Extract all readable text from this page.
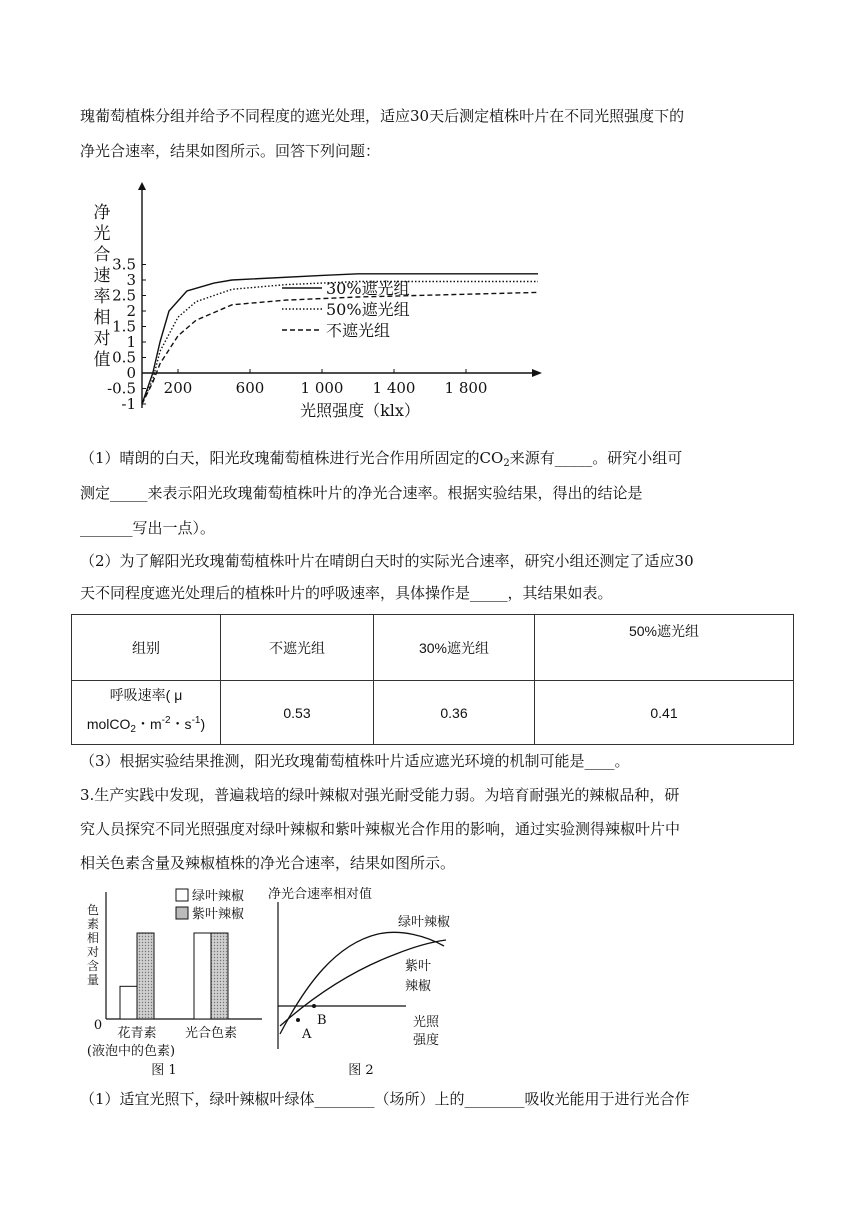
瑰葡萄植株分组并给予不同程度的遮光处理，适应30天后测定植株叶片在不同光照强度下的
净光合速率，结果如图所示。回答下列问题：
净
光
合
速
率
相
对
值
3.5
3
2.5
2
1.5
1
0.5
0
-0.5
-1
200	600 1 000 1 400 1 800
30%遮光组
50%遮光组
不遮光组
光照强度（klx）
（1）晴朗的白天，阳光玫瑰葡萄植株进行光合作用所固定的$CO_2$来源有_____。研究小组可
测定_____来表示阳光玫瑰葡萄植株叶片的净光合速率。根据实验结果，得出的结论是
_______写出一点）。
（2）为了解阳光玫瑰葡萄植株叶片在晴朗白天时的实际光合速率，研究小组还测定了适应30
天不同程度遮光处理后的植株叶片的呼吸速率，具体操作是_____，其结果如表。
组别	不遮光组	30%遮光组	50%遮光组

呼吸速率( μ
molCO$_2$・$m^{-2}$・$s^{-1}$)	0.53	0.36	0.41
（3）根据实验结果推测，阳光玫瑰葡萄植株叶片适应遮光环境的机制可能是____。
3.生产实践中发现，普遍栽培的绿叶辣椒对强光耐受能力弱。为培育耐强光的辣椒品种，研
究人员探究不同光照强度对绿叶辣椒和紫叶辣椒光合作用的影响，通过实验测得辣椒叶片中
相关色素含量及辣椒植株的净光合速率，结果如图所示。
色
素
相
对
含
量
0
绿叶辣椒
紫叶辣椒
花青素
(液泡中的色素)
光合色素
图 1
净光合速率相对值
光照
强度
绿叶辣椒
紫叶
辣椒
A
B
图 2
（1）适宜光照下，绿叶辣椒叶绿体________（场所）上的________吸收光能用于进行光合作
